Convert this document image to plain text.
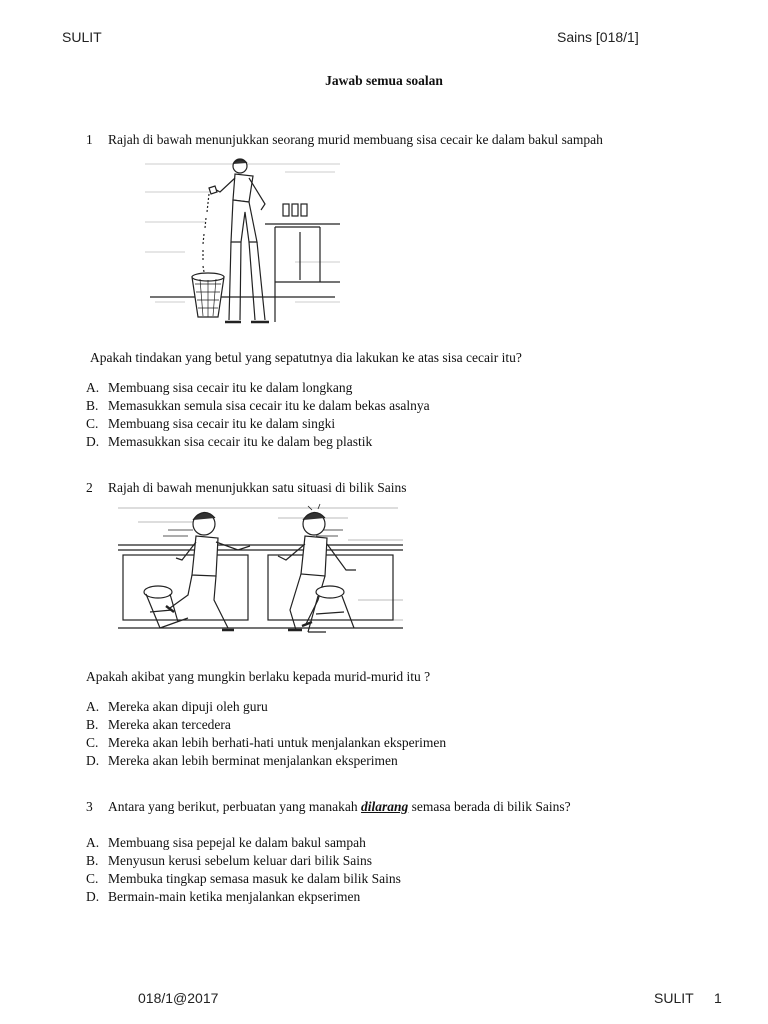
SULIT	Sains [018/1]
Jawab semua soalan
1 Rajah di bawah menunjukkan seorang murid membuang sisa cecair ke dalam bakul sampah
Apakah tindakan yang betul yang sepatutnya dia lakukan ke atas sisa cecair itu?
A. Membuang sisa cecair itu ke dalam longkang
B. Memasukkan semula sisa cecair itu ke dalam bekas asalnya
C. Membuang sisa cecair itu ke dalam singki
D. Memasukkan sisa cecair itu ke dalam beg plastik
2 Rajah di bawah menunjukkan satu situasi di bilik Sains
Apakah akibat yang mungkin berlaku kepada murid-murid itu ?
A. Mereka akan dipuji oleh guru
B. Mereka akan tercedera
C. Mereka akan lebih berhati-hati untuk menjalankan eksperimen
D. Mereka akan lebih berminat menjalankan eksperimen
3 Antara yang berikut, perbuatan yang manakah dilarang semasa berada di bilik Sains?
A. Membuang sisa pepejal ke dalam bakul sampah
B. Menyusun kerusi sebelum keluar dari bilik Sains
C. Membuka tingkap semasa masuk ke dalam bilik Sains
D. Bermain-main ketika menjalankan ekpserimen
018/1@2017	SULIT 1
